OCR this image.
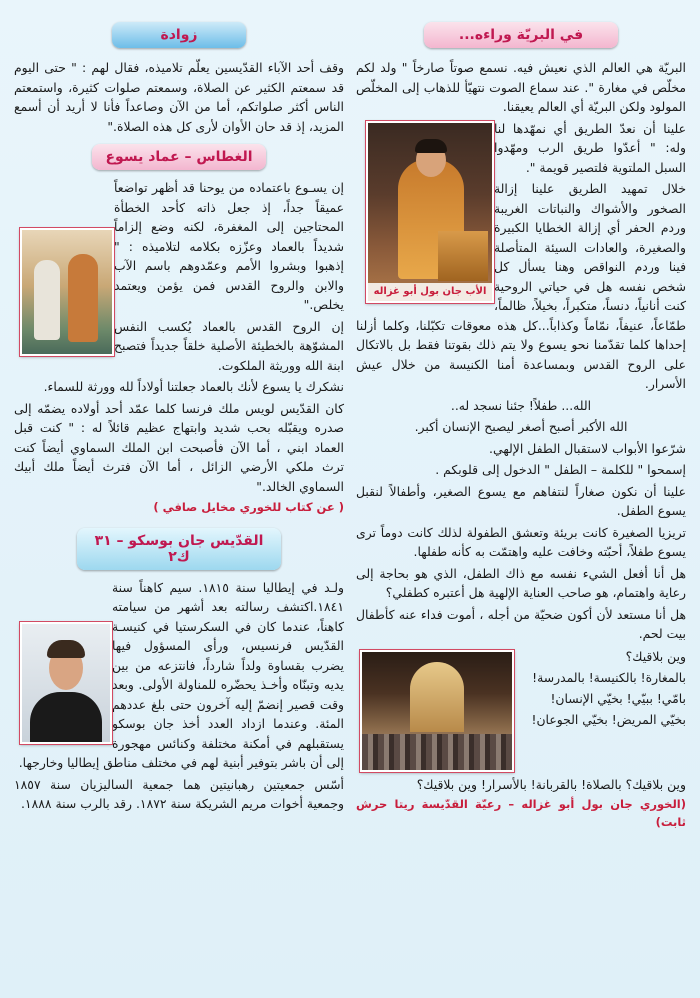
في البريّة وراءه...

البريّة هي العالم الذي نعيش فيه. نسمع صوتاً صارخاً " ولد لكم مخلّص في مغارة ". عند سماع الصوت نتهيّأ للذهاب إلى المخلّص المولود ولكن البريّة أي العالم يعيقنا.

الأب جان بول أبو غزاله

علينا أن نعدّ الطريق أي نمهّدها لنا وله: " أعدّوا طريق الرب ومهّدوا السبل الملتوية فلتصير قويمة ".

خلال تمهيد الطريق علينا إزالة الصخور والأشواك والنباتات الغريبة وردم الحفر أي إزالة الخطايا الكبيرة والصغيرة، والعادات السيئة المتأصلة فينا وردم النواقص وهنا يسأل كل شخص نفسه هل في حياتي الروحية كنت أنانياً، دنساً، متكبراً، بخيلاً، ظالماً، طمّاعاً، عنيفاً، نمّاماً وكذاباً...كل هذه معوقات تكبّلنا، وكلما أزلنا إحداها كلما تقدّمنا نحو يسوع ولا يتم ذلك بقوتنا فقط بل بالاتكال على الروح القدس وبمساعدة أمنا الكنيسة من خلال عيش الأسرار.

الله... طفلاً! جئنا نسجد له..

الله الأكبر أصبح أصغر ليصبح الإنسان أكبر.

شرّعوا الأبواب لاستقبال الطفل الإلهي.

إسمحوا " للكلمة – الطفل " الدخول إلى قلوبكم .

علينا أن نكون صغاراً لنتفاهم مع يسوع الصغير، وأطفالاً لنقبل يسوع الطفل.

تريزيا الصغيرة كانت بريئة وتعشق الطفولة لذلك كانت دوماً ترى يسوع طفلاً، أحبّته وخافت عليه واهتمّت به كأنه طفلها.

هل أنا أفعل الشيء نفسه مع ذاك الطفل، الذي هو بحاجة إلى رعاية واهتمام، هو صاحب العناية الإلهية هل أعتبره كطفلي؟

هل أنا مستعد لأن أكون ضحيّة من أجله ، أموت فداء عنه كأطفال بيت لحم.

وين بلاقيك؟
بالمغارة! بالكنيسة! بالمدرسة!
بامّي! ببيّي! بخيّي الإنسان!
بخيّي المريض! بخيّي الجوعان!
وين بلاقيك؟ بالصلاة! بالقربانة! بالأسرار! وين بلاقيك؟
(الخوري جان بول أبو غزاله – رعيّة القدّيسة ريتا حرش ثابت)
زوادة

وقف أحد الآباء القدّيسين يعلّم تلاميذه، فقال لهم : " حتى اليوم قد سمعتم الكثير عن الصلاة، وسمعتم صلوات كثيرة، واستمعتم الناس أكثر صلواتكم، أما من الآن وصاعداً فأنا لا أريد أن أسمع المزيد، إذ قد حان الأوان لأرى كل هذه الصلاة."

الغطاس – عماد يسوع

إن يسـوع باعتماده من يوحنا قد أظهر تواضعاً عميقاً جداً، إذ جعل ذاته كأحد الخطأة المحتاجين إلى المغفرة، لكنه وضع إلزاماً شديداً بالعماد وعزّزه بكلامه لتلاميذه : " إذهبوا وبشروا الأمم وعمّدوهم باسم الآب والابن والروح القدس فمن يؤمن ويعتمد يخلص."

إن الروح القدس بالعماد يُكسب النفس المشوّهة بالخطيئة الأصلية خلقاً جديداً فتصبح ابنة الله ووريثة الملكوت.

نشكرك يا يسوع لأنك بالعماد جعلتنا أولاداً لله وورثة للسماء.

كان القدّيس لويس ملك فرنسا كلما عمّد أحد أولاده يضمّه إلى صدره ويقبّله بحب شديد وابتهاج عظيم قائلاً له : " كنت قبل العماد ابني ، أما الآن فأصبحت ابن الملك السماوي أيضاً كنت ترث ملكي الأرضي الزائل ، أما الآن فترث أيضاً ملك أبيك السماوي الخالد."

( عن كتاب للخوري مخايل صافي )

القدّيس جان بوسكو – ٣١ ك٢

ولـد في إيطاليا سنة ١٨١٥. سيم كاهناً سنة ١٨٤١.اكتشف رسالته بعد أشهر من سيامته كاهناً، عندما كان في السكرستيا في كنيسـة القدّيس فرنسيس، ورأى المسؤول فيها يضرب بقساوة ولداً شارداً، فانتزعه من بين يديه وتبنّاه وأخـذ يحضّره للمناولة الأولى. وبعد وقت قصير إنضمّ إليه آخرون حتى بلغ عددهم المئة. وعندما ازداد العدد أخذ جان بوسكو يستقبلهم في أمكنة مختلفة وكنائس مهجورة إلى أن باشر بتوفير أبنية لهم في مختلف مناطق إيطاليا وخارجها.

أسّس جمعيتين رهبانيتين هما جمعية الساليزيان سنة ١٨٥٧ وجمعية أخوات مريم الشريكة سنة ١٨٧٢. رقد بالرب سنة ١٨٨٨.
